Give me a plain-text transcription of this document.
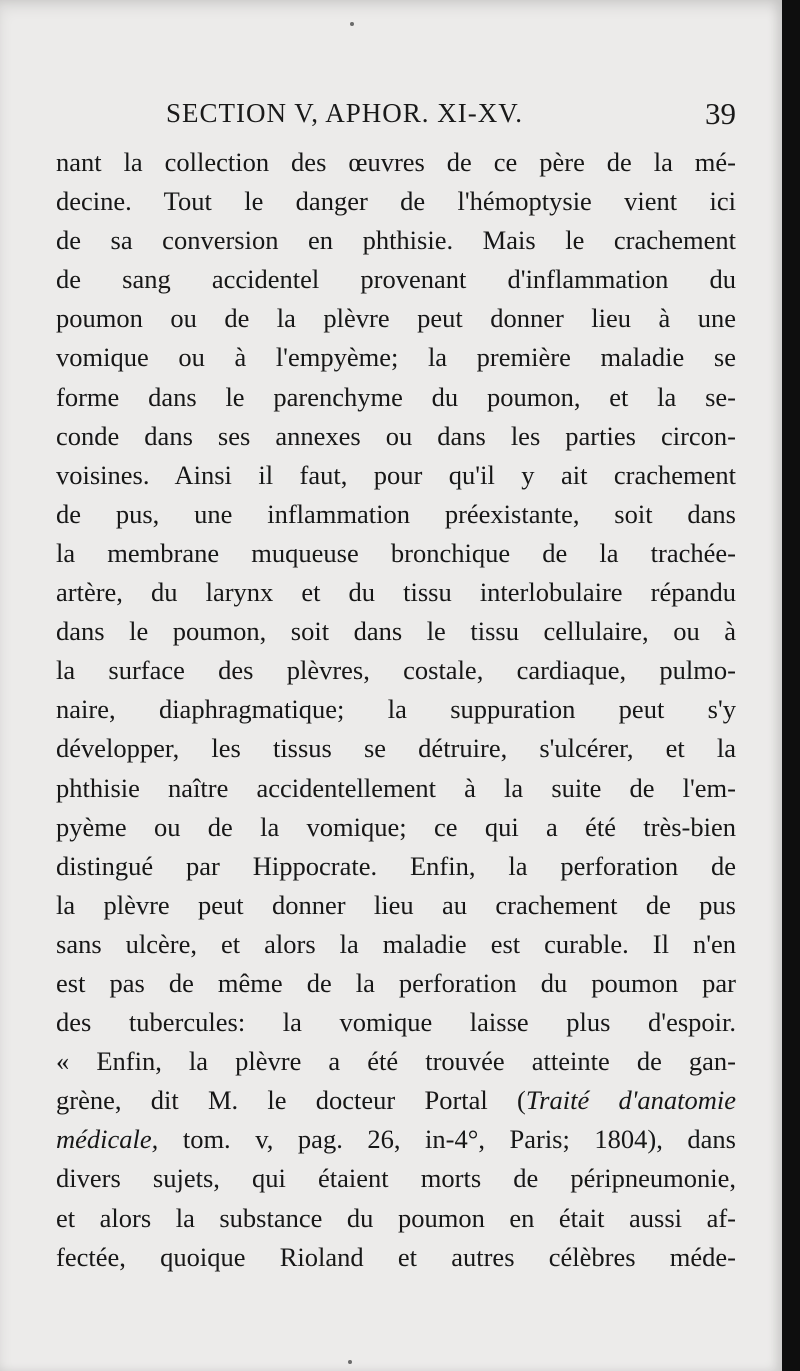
SECTION V, APHOR. XI-XV.	39
nant la collection des œuvres de ce père de la mé-
decine. Tout le danger de l'hémoptysie vient ici
de sa conversion en phthisie. Mais le crachement
de sang accidentel provenant d'inflammation du
poumon ou de la plèvre peut donner lieu à une
vomique ou à l'empyème; la première maladie se
forme dans le parenchyme du poumon, et la se-
conde dans ses annexes ou dans les parties circon-
voisines. Ainsi il faut, pour qu'il y ait crachement
de pus, une inflammation préexistante, soit dans
la membrane muqueuse bronchique de la trachée-
artère, du larynx et du tissu interlobulaire répandu
dans le poumon, soit dans le tissu cellulaire, ou à
la surface des plèvres, costale, cardiaque, pulmo-
naire, diaphragmatique; la suppuration peut s'y
développer, les tissus se détruire, s'ulcérer, et la
phthisie naître accidentellement à la suite de l'em-
pyème ou de la vomique; ce qui a été très-bien
distingué par Hippocrate. Enfin, la perforation de
la plèvre peut donner lieu au crachement de pus
sans ulcère, et alors la maladie est curable. Il n'en
est pas de même de la perforation du poumon par
des tubercules: la vomique laisse plus d'espoir.
« Enfin, la plèvre a été trouvée atteinte de gan-
grène, dit M. le docteur Portal (Traité d'anatomie
médicale, tom. v, pag. 26, in-4°, Paris; 1804), dans
divers sujets, qui étaient morts de péripneumonie,
et alors la substance du poumon en était aussi af-
fectée, quoique Rioland et autres célèbres méde-
